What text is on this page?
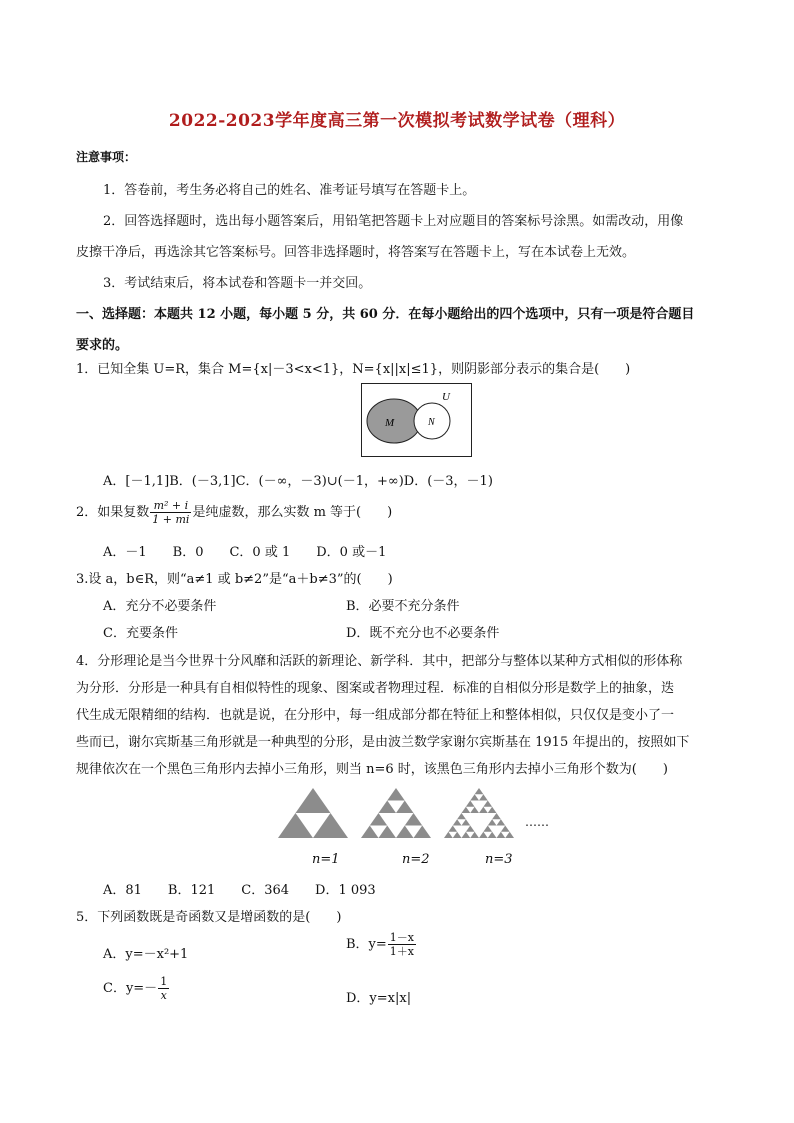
2022-2023学年度高三第一次模拟考试数学试卷（理科）
注意事项：
1．答卷前，考生务必将自己的姓名、准考证号填写在答题卡上。
2．回答选择题时，选出每小题答案后，用铅笔把答题卡上对应题目的答案标号涂黑。如需改动，用像
皮擦干净后，再选涂其它答案标号。回答非选择题时，将答案写在答题卡上，写在本试卷上无效。
3．考试结束后，将本试卷和答题卡一并交回。
一、选择题：本题共 12 小题，每小题 5 分，共 60 分．在每小题给出的四个选项中，只有一项是符合题目
要求的。
1．已知全集 U=R，集合 M={x|－3<x<1}，N={x||x|≤1}，则阴影部分表示的集合是(　　)
U
M	N
A．[－1,1]B．(－3,1]C．(－∞，－3)∪(－1，+∞)D．(－3，－1)
2．如果复数 $\frac{\text{m² + i}}{1 + mi}$ 是纯虚数，那么实数 m 等于(　　)
A．－1　　B．0　　C．0 或 1　　D．0 或－1
3.设 a，b∈R，则“a≠1 或 b≠2”是“a＋b≠3”的(　　)
A．充分不必要条件	B．必要不充分条件
C．充要条件	D．既不充分也不必要条件
4．分形理论是当今世界十分风靡和活跃的新理论、新学科．其中，把部分与整体以某种方式相似的形体称
为分形．分形是一种具有自相似特性的现象、图案或者物理过程．标准的自相似分形是数学上的抽象，迭
代生成无限精细的结构．也就是说，在分形中，每一组成部分都在特征上和整体相似，只仅仅是变小了一
些而已，谢尔宾斯基三角形就是一种典型的分形，是由波兰数学家谢尔宾斯基在 1915 年提出的，按照如下
规律依次在一个黑色三角形内去掉小三角形，则当 n=6 时，该黑色三角形内去掉小三角形个数为(　　)
……
n=1	n=2	n=3
A．81　　B．121　　C．364　　D．1 093
5．下列函数既是奇函数又是增函数的是(　　)
A．y=－x²+1
B．$y= \frac{1-x}{1+x}$
C．$y=- \frac{1}{x}$	D．y=x|x|
